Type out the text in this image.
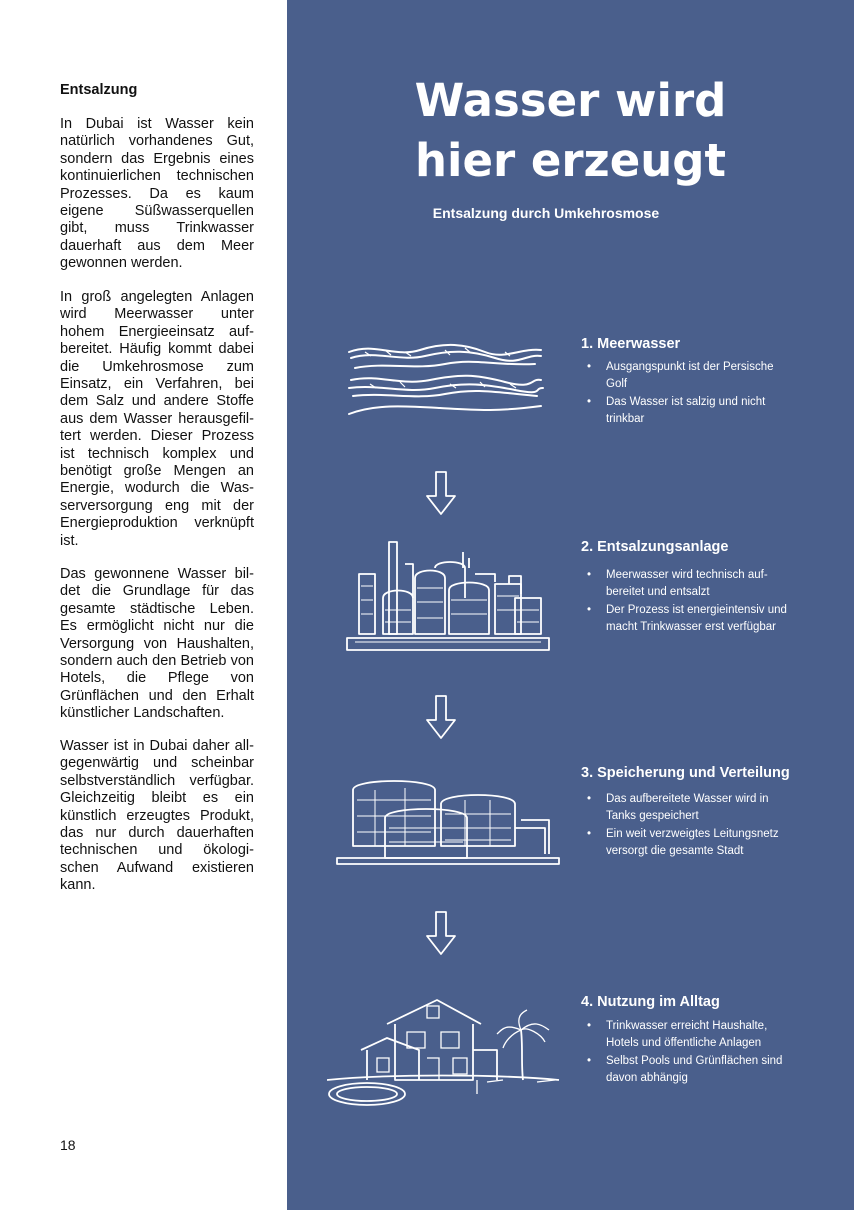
Entsalzung

In Dubai ist Wasser kein natürlich vorhandenes Gut, sondern das Ergebnis eines kontinuierlichen technischen Prozesses. Da es kaum eigene Süßwasserquellen gibt, muss Trinkwasser dauerhaft aus dem Meer gewonnen werden.

In groß angelegten Anlagen wird Meerwasser unter hohem Energieeinsatz aufbereitet. Häufig kommt dabei die Umkehrosmose zum Einsatz, ein Verfahren, bei dem Salz und andere Stoffe aus dem Wasser herausgefiltert werden. Dieser Prozess ist technisch komplex und benötigt große Mengen an Energie, wodurch die Wasserversorgung eng mit der Energieproduktion verknüpft ist.

Das gewonnene Wasser bildet die Grundlage für das gesamte städtische Leben. Es ermöglicht nicht nur die Versorgung von Haushalten, sondern auch den Betrieb von Hotels, die Pflege von Grünflächen und den Erhalt künstlicher Landschaften.

Wasser ist in Dubai daher allgegenwärtig und scheinbar selbstverständlich verfügbar. Gleichzeitig bleibt es ein künstlich erzeugtes Produkt, das nur durch dauerhaften technischen und ökologischen Aufwand existieren kann.

18
Wasser wird
hier erzeugt
Entsalzung durch Umkehrosmose
1. Meerwasser
• Ausgangspunkt ist der Persische Golf
• Das Wasser ist salzig und nicht trinkbar
2. Entsalzungsanlage
• Meerwasser wird technisch aufbereitet und entsalzt
• Der Prozess ist energieintensiv und macht Trinkwasser erst verfügbar
3. Speicherung und Verteilung
• Das aufbereitete Wasser wird in Tanks gespeichert
• Ein weit verzweigtes Leitungsnetz versorgt die gesamte Stadt
4. Nutzung im Alltag
• Trinkwasser erreicht Haushalte, Hotels und öffentliche Anlagen
• Selbst Pools und Grünflächen sind davon abhängig
